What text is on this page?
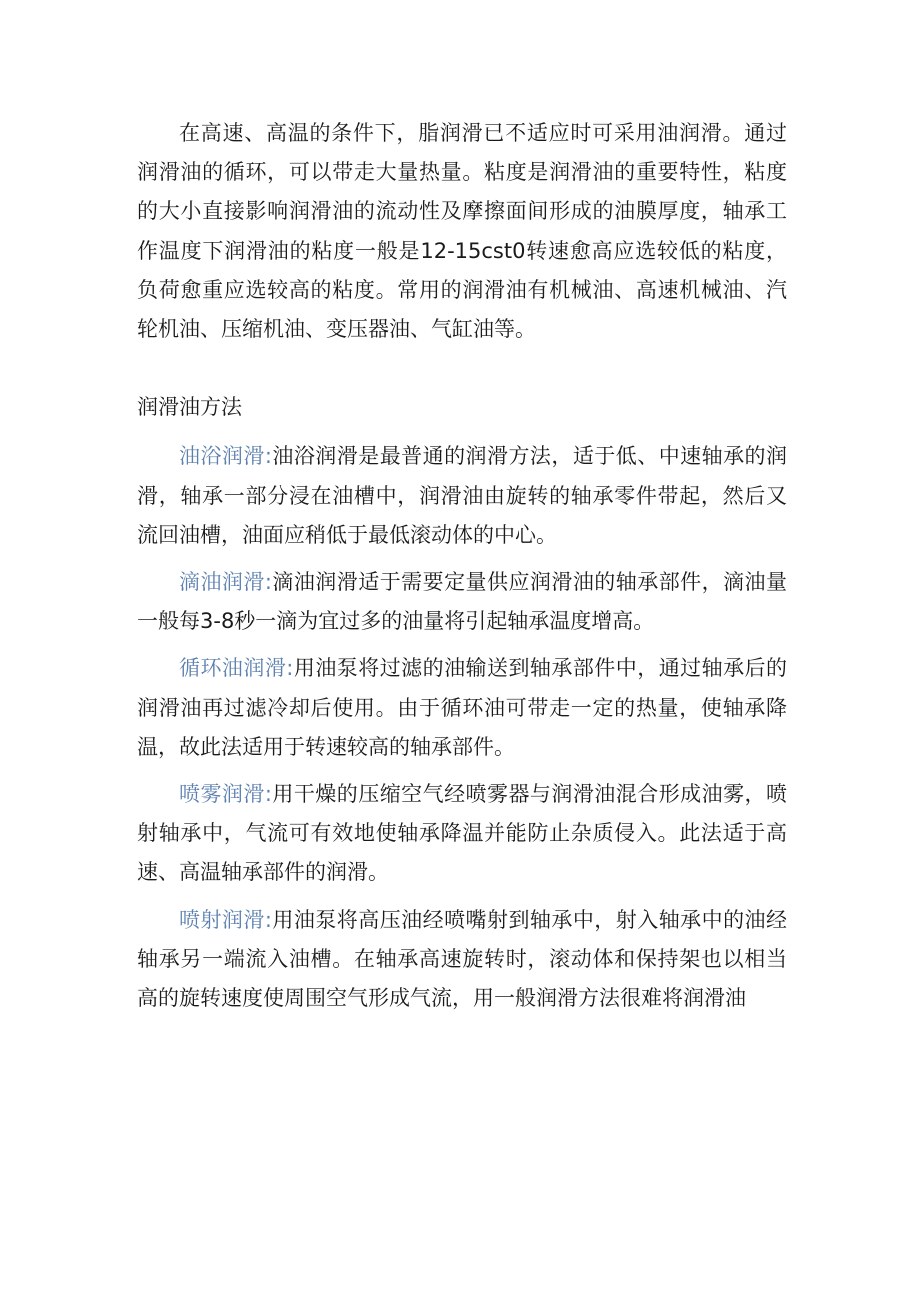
在高速、高温的条件下，脂润滑已不适应时可采用油润滑。通过润滑油的循环，可以带走大量热量。粘度是润滑油的重要特性，粘度的大小直接影响润滑油的流动性及摩擦面间形成的油膜厚度，轴承工作温度下润滑油的粘度一般是12-15cst0转速愈高应选较低的粘度，负荷愈重应选较高的粘度。常用的润滑油有机械油、高速机械油、汽轮机油、压缩机油、变压器油、气缸油等。

润滑油方法

油浴润滑:油浴润滑是最普通的润滑方法，适于低、中速轴承的润滑，轴承一部分浸在油槽中，润滑油由旋转的轴承零件带起，然后又流回油槽，油面应稍低于最低滚动体的中心。

滴油润滑:滴油润滑适于需要定量供应润滑油的轴承部件，滴油量一般每3-8秒一滴为宜过多的油量将引起轴承温度增高。

循环油润滑:用油泵将过滤的油输送到轴承部件中，通过轴承后的润滑油再过滤冷却后使用。由于循环油可带走一定的热量，使轴承降温，故此法适用于转速较高的轴承部件。

喷雾润滑:用干燥的压缩空气经喷雾器与润滑油混合形成油雾，喷射轴承中，气流可有效地使轴承降温并能防止杂质侵入。此法适于高速、高温轴承部件的润滑。

喷射润滑:用油泵将高压油经喷嘴射到轴承中，射入轴承中的油经轴承另一端流入油槽。在轴承高速旋转时，滚动体和保持架也以相当高的旋转速度使周围空气形成气流，用一般润滑方法很难将润滑油
